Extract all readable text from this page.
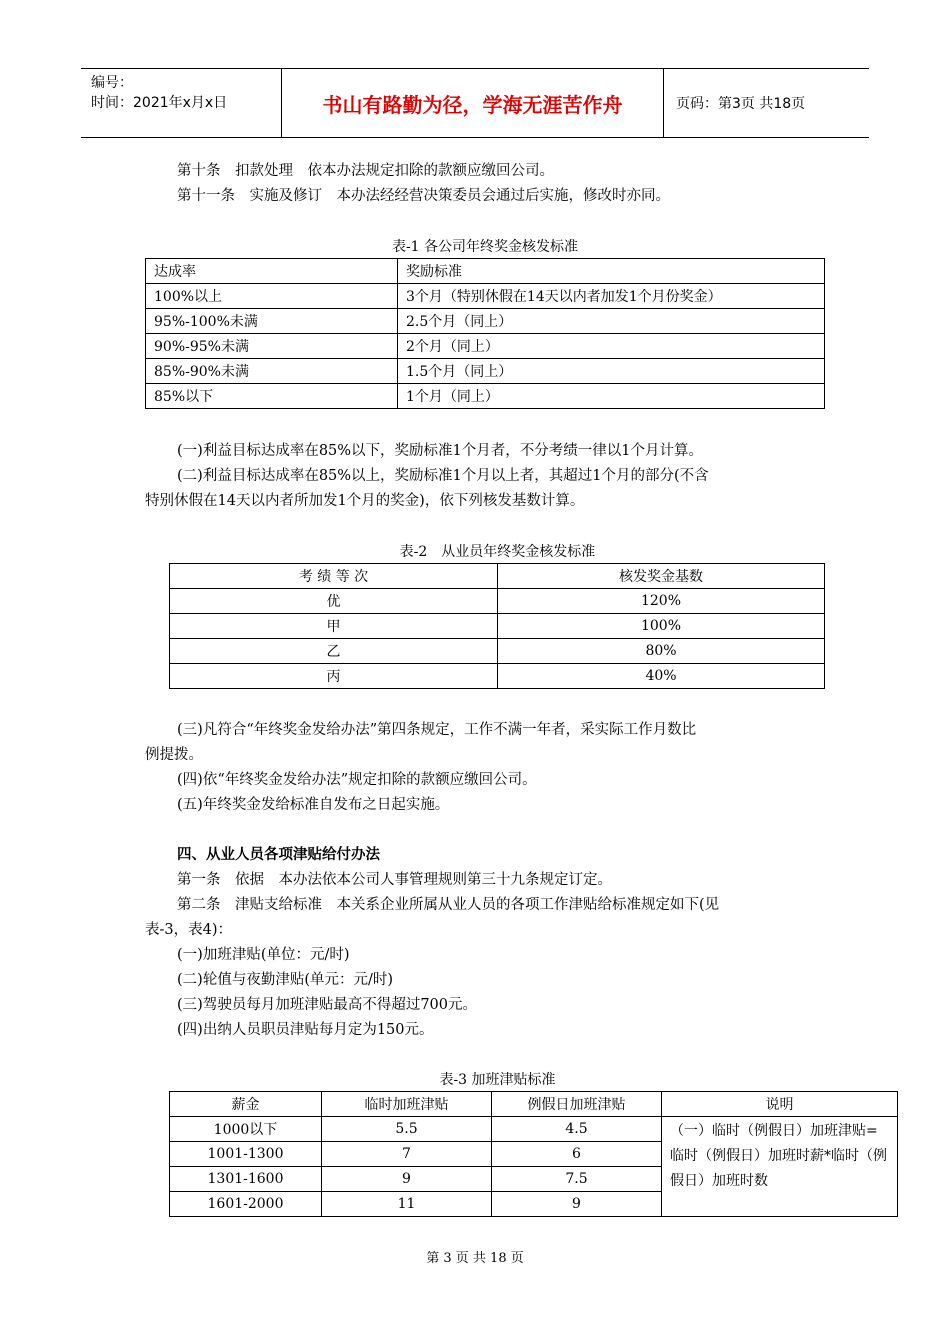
编号：
时间：2021年x月x日	书山有路勤为径，学海无涯苦作舟	页码：第3页 共18页
第十条　扣款处理　依本办法规定扣除的款额应缴回公司。
第十一条　实施及修订　本办法经经营决策委员会通过后实施，修改时亦同。
表-1 各公司年终奖金核发标准
达成率	奖励标准
100%以上	3个月（特别休假在14天以内者加发1个月份奖金）
95%-100%未满	2.5个月（同上）
90%-95%未满	2个月（同上）
85%-90%未满	1.5个月（同上）
85%以下	1个月（同上）
(一)利益目标达成率在85%以下，奖励标准1个月者，不分考绩一律以1个月计算。
(二)利益目标达成率在85%以上，奖励标准1个月以上者，其超过1个月的部分(不含
特别休假在14天以内者所加发1个月的奖金)，依下列核发基数计算。
表-2　从业员年终奖金核发标准
考 绩 等 次	核发奖金基数
优	120%
甲	100%
乙	80%
丙	40%
(三)凡符合“年终奖金发给办法”第四条规定，工作不满一年者，采实际工作月数比
例提拨。
(四)依“年终奖金发给办法”规定扣除的款额应缴回公司。
(五)年终奖金发给标准自发布之日起实施。
四、从业人员各项津贴给付办法
第一条　依据　本办法依本公司人事管理规则第三十九条规定订定。
第二条　津贴支给标准　本关系企业所属从业人员的各项工作津贴给标准规定如下(见
表-3，表4)：
(一)加班津贴(单位：元/时)
(二)轮值与夜勤津贴(单元：元/时)
(三)驾驶员每月加班津贴最高不得超过700元。
(四)出纳人员职员津贴每月定为150元。
表-3 加班津贴标准
薪金	临时加班津贴	例假日加班津贴	说明
1000以下	5.5	4.5	（一）临时（例假日）加班津贴=临时（例假日）加班时薪*临时（例假日）加班时数
1001-1300	7	6	
1301-1600	9	7.5	
1601-2000	11	9	
第 3 页 共 18 页
